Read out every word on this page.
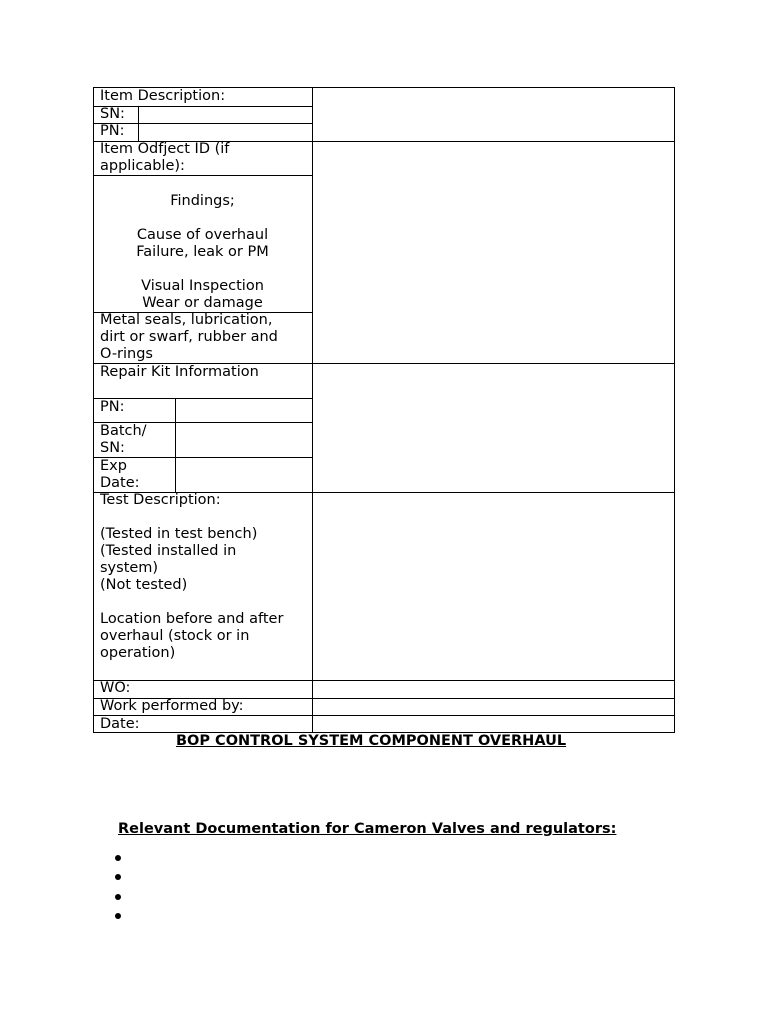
Item Description:
SN:
PN:
Item Odfject ID (if
applicable):
Findings;

Cause of overhaul
Failure, leak or PM

Visual Inspection
Wear or damage
Metal seals, lubrication,
dirt or swarf, rubber and
O-rings
Repair Kit Information
PN:
Batch/
SN:
Exp
Date:
Test Description:

(Tested in test bench)
(Tested installed in
system)
(Not tested)

Location before and after
overhaul (stock or in
operation)
WO:
Work performed by:
Date:
BOP CONTROL SYSTEM COMPONENT OVERHAUL
Relevant Documentation for Cameron Valves and regulators:
